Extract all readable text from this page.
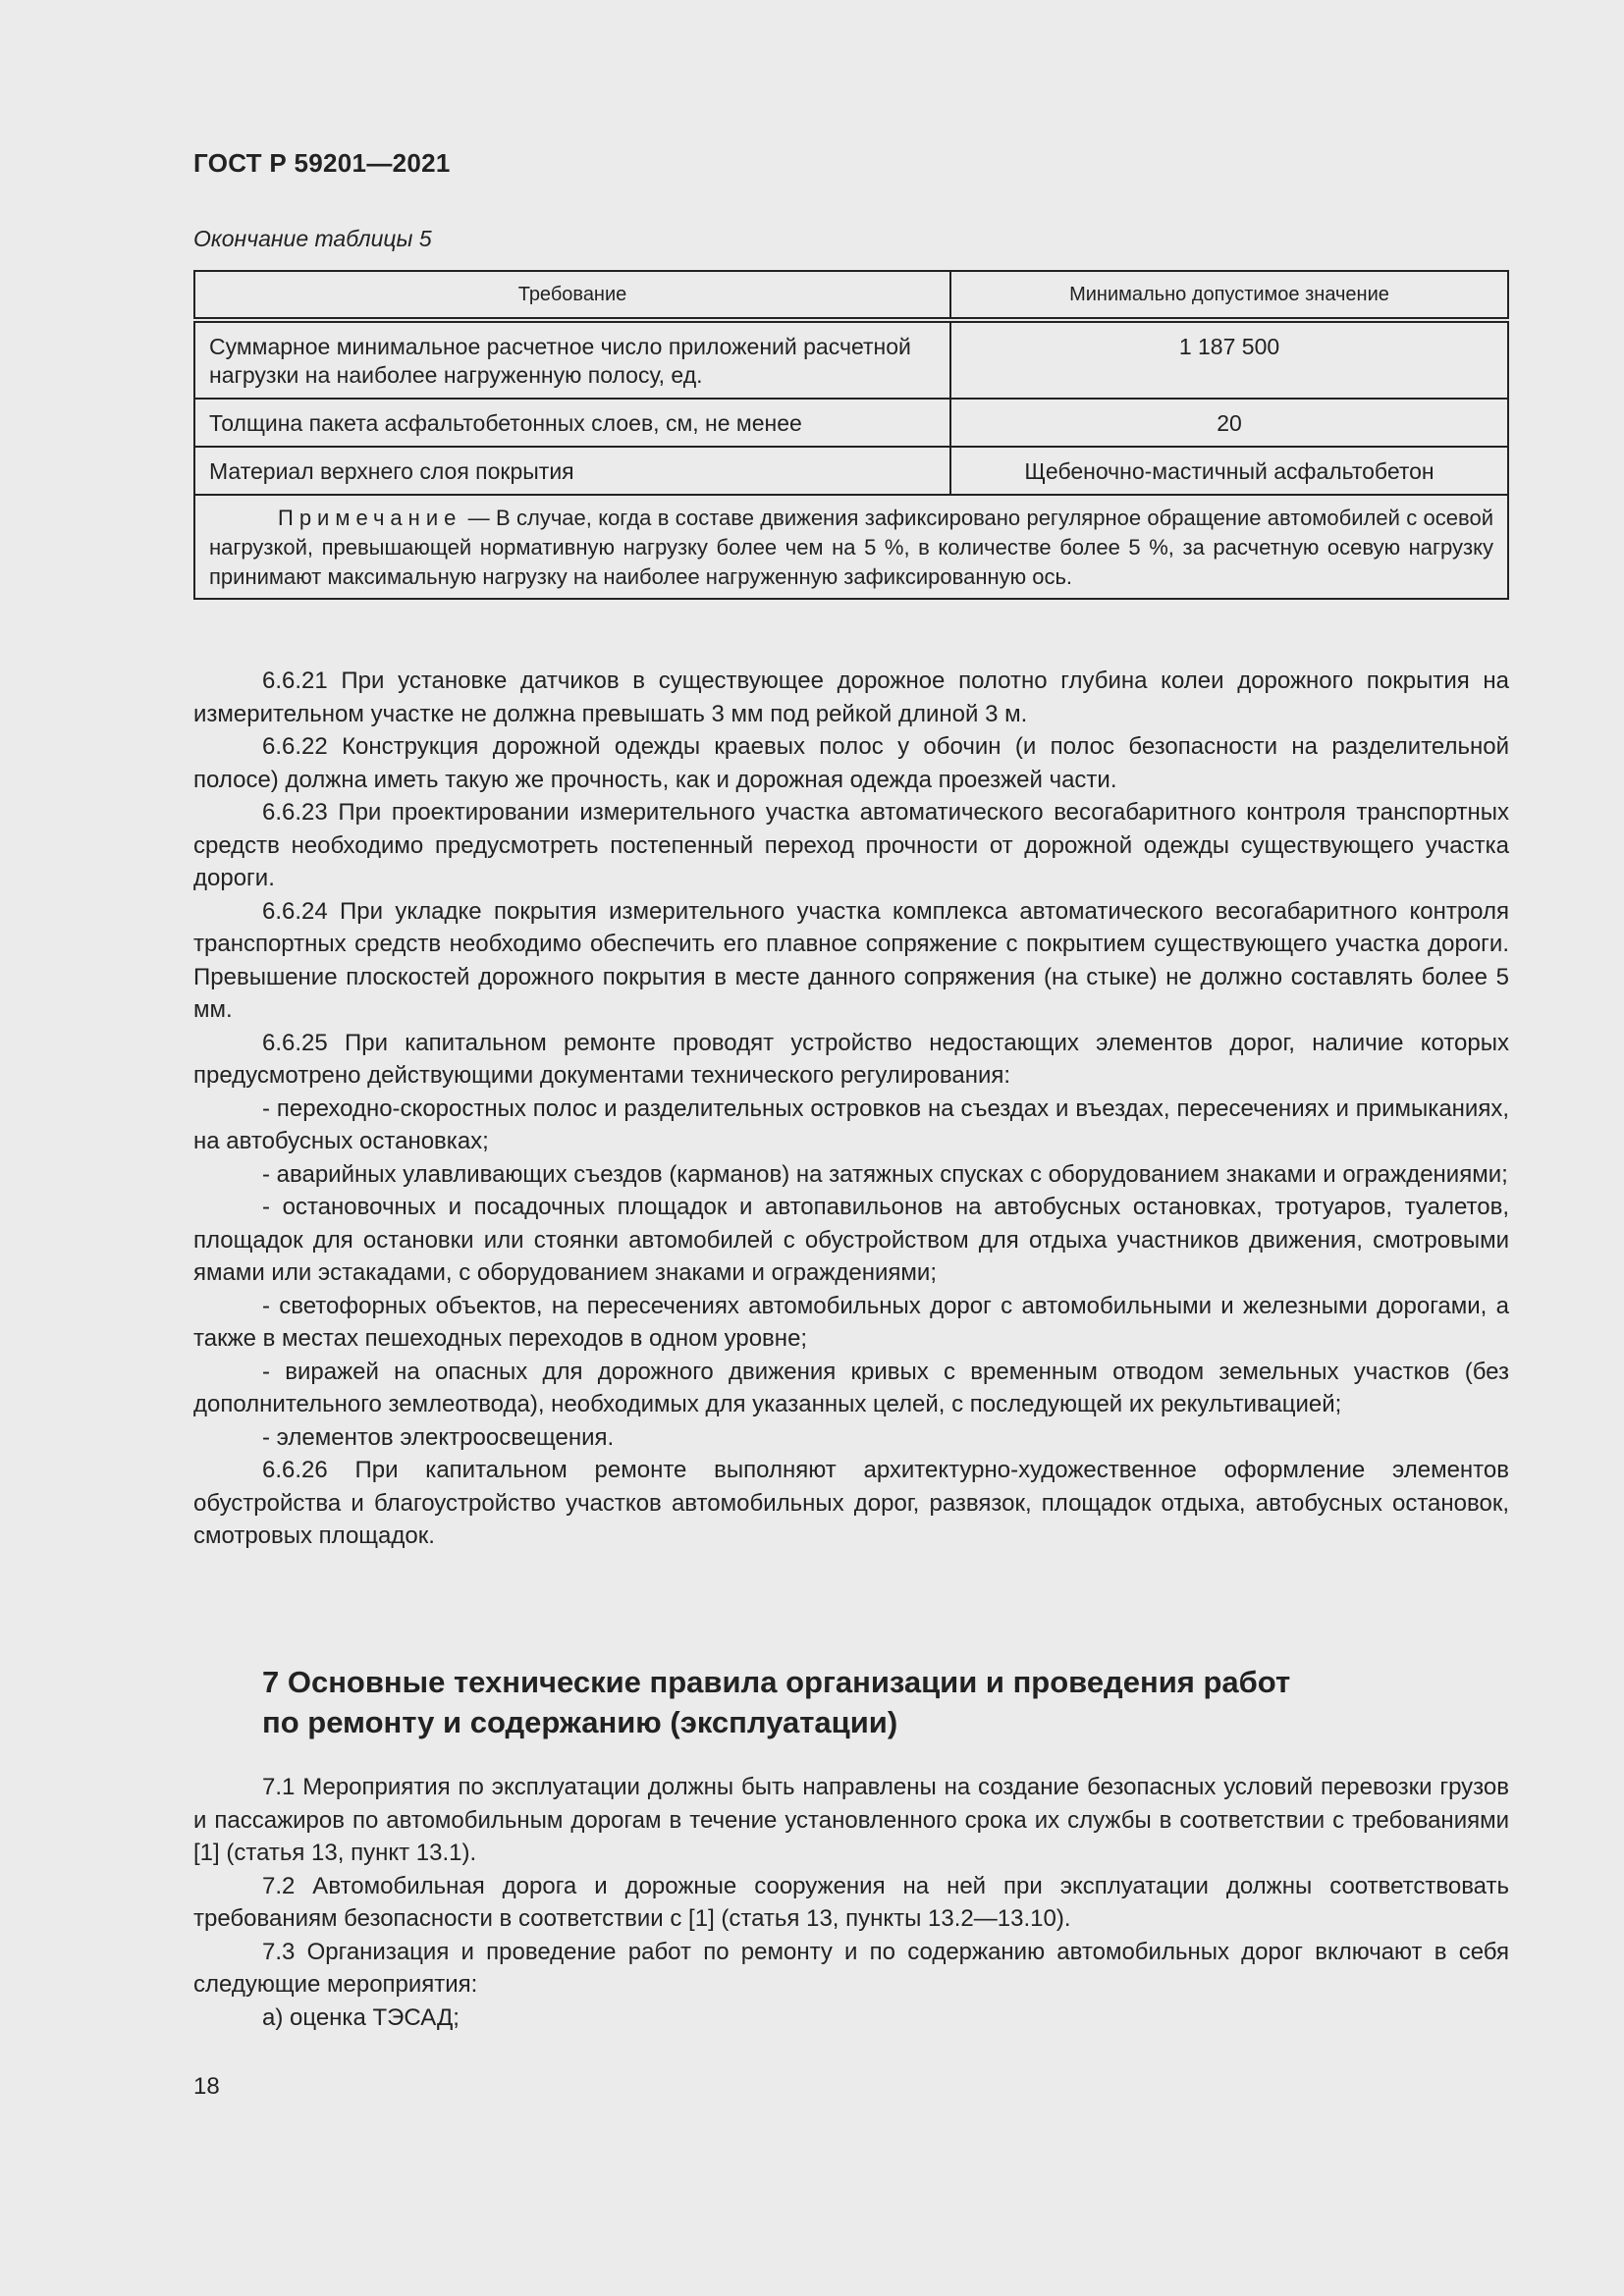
ГОСТ Р 59201—2021
Окончание таблицы 5
Требование	Минимально допустимое значение
Суммарное минимальное расчетное число приложений расчетной нагрузки на наиболее нагруженную полосу, ед.	1 187 500
Толщина пакета асфальтобетонных слоев, см, не менее	20
Материал верхнего слоя покрытия	Щебеночно-мастичный асфальтобетон
Примечание — В случае, когда в составе движения зафиксировано регулярное обращение автомобилей с осевой нагрузкой, превышающей нормативную нагрузку более чем на 5 %, в количестве более 5 %, за расчетную осевую нагрузку принимают максимальную нагрузку на наиболее нагруженную зафиксированную ось.	

6.6.21 При установке датчиков в существующее дорожное полотно глубина колеи дорожного покрытия на измерительном участке не должна превышать 3 мм под рейкой длиной 3 м.

6.6.22 Конструкция дорожной одежды краевых полос у обочин (и полос безопасности на разделительной полосе) должна иметь такую же прочность, как и дорожная одежда проезжей части.

6.6.23 При проектировании измерительного участка автоматического весогабаритного контроля транспортных средств необходимо предусмотреть постепенный переход прочности от дорожной одежды существующего участка дороги.

6.6.24 При укладке покрытия измерительного участка комплекса автоматического весогабаритного контроля транспортных средств необходимо обеспечить его плавное сопряжение с покрытием существующего участка дороги. Превышение плоскостей дорожного покрытия в месте данного сопряжения (на стыке) не должно составлять более 5 мм.

6.6.25 При капитальном ремонте проводят устройство недостающих элементов дорог, наличие которых предусмотрено действующими документами технического регулирования:

- переходно-скоростных полос и разделительных островков на съездах и въездах, пересечениях и примыканиях, на автобусных остановках;

- аварийных улавливающих съездов (карманов) на затяжных спусках с оборудованием знаками и ограждениями;

- остановочных и посадочных площадок и автопавильонов на автобусных остановках, тротуаров, туалетов, площадок для остановки или стоянки автомобилей с обустройством для отдыха участников движения, смотровыми ямами или эстакадами, с оборудованием знаками и ограждениями;

- светофорных объектов, на пересечениях автомобильных дорог с автомобильными и железными дорогами, а также в местах пешеходных переходов в одном уровне;

- виражей на опасных для дорожного движения кривых с временным отводом земельных участков (без дополнительного землеотвода), необходимых для указанных целей, с последующей их рекультивацией;

- элементов электроосвещения.

6.6.26 При капитальном ремонте выполняют архитектурно-художественное оформление элементов обустройства и благоустройство участков автомобильных дорог, развязок, площадок отдыха, автобусных остановок, смотровых площадок.

7 Основные технические правила организации и проведения работ
по ремонту и содержанию (эксплуатации)

7.1 Мероприятия по эксплуатации должны быть направлены на создание безопасных условий перевозки грузов и пассажиров по автомобильным дорогам в течение установленного срока их службы в соответствии с требованиями [1] (статья 13, пункт 13.1).

7.2 Автомобильная дорога и дорожные сооружения на ней при эксплуатации должны соответствовать требованиям безопасности в соответствии с [1] (статья 13, пункты 13.2—13.10).

7.3 Организация и проведение работ по ремонту и по содержанию автомобильных дорог включают в себя следующие мероприятия:

а) оценка ТЭСАД;

18
